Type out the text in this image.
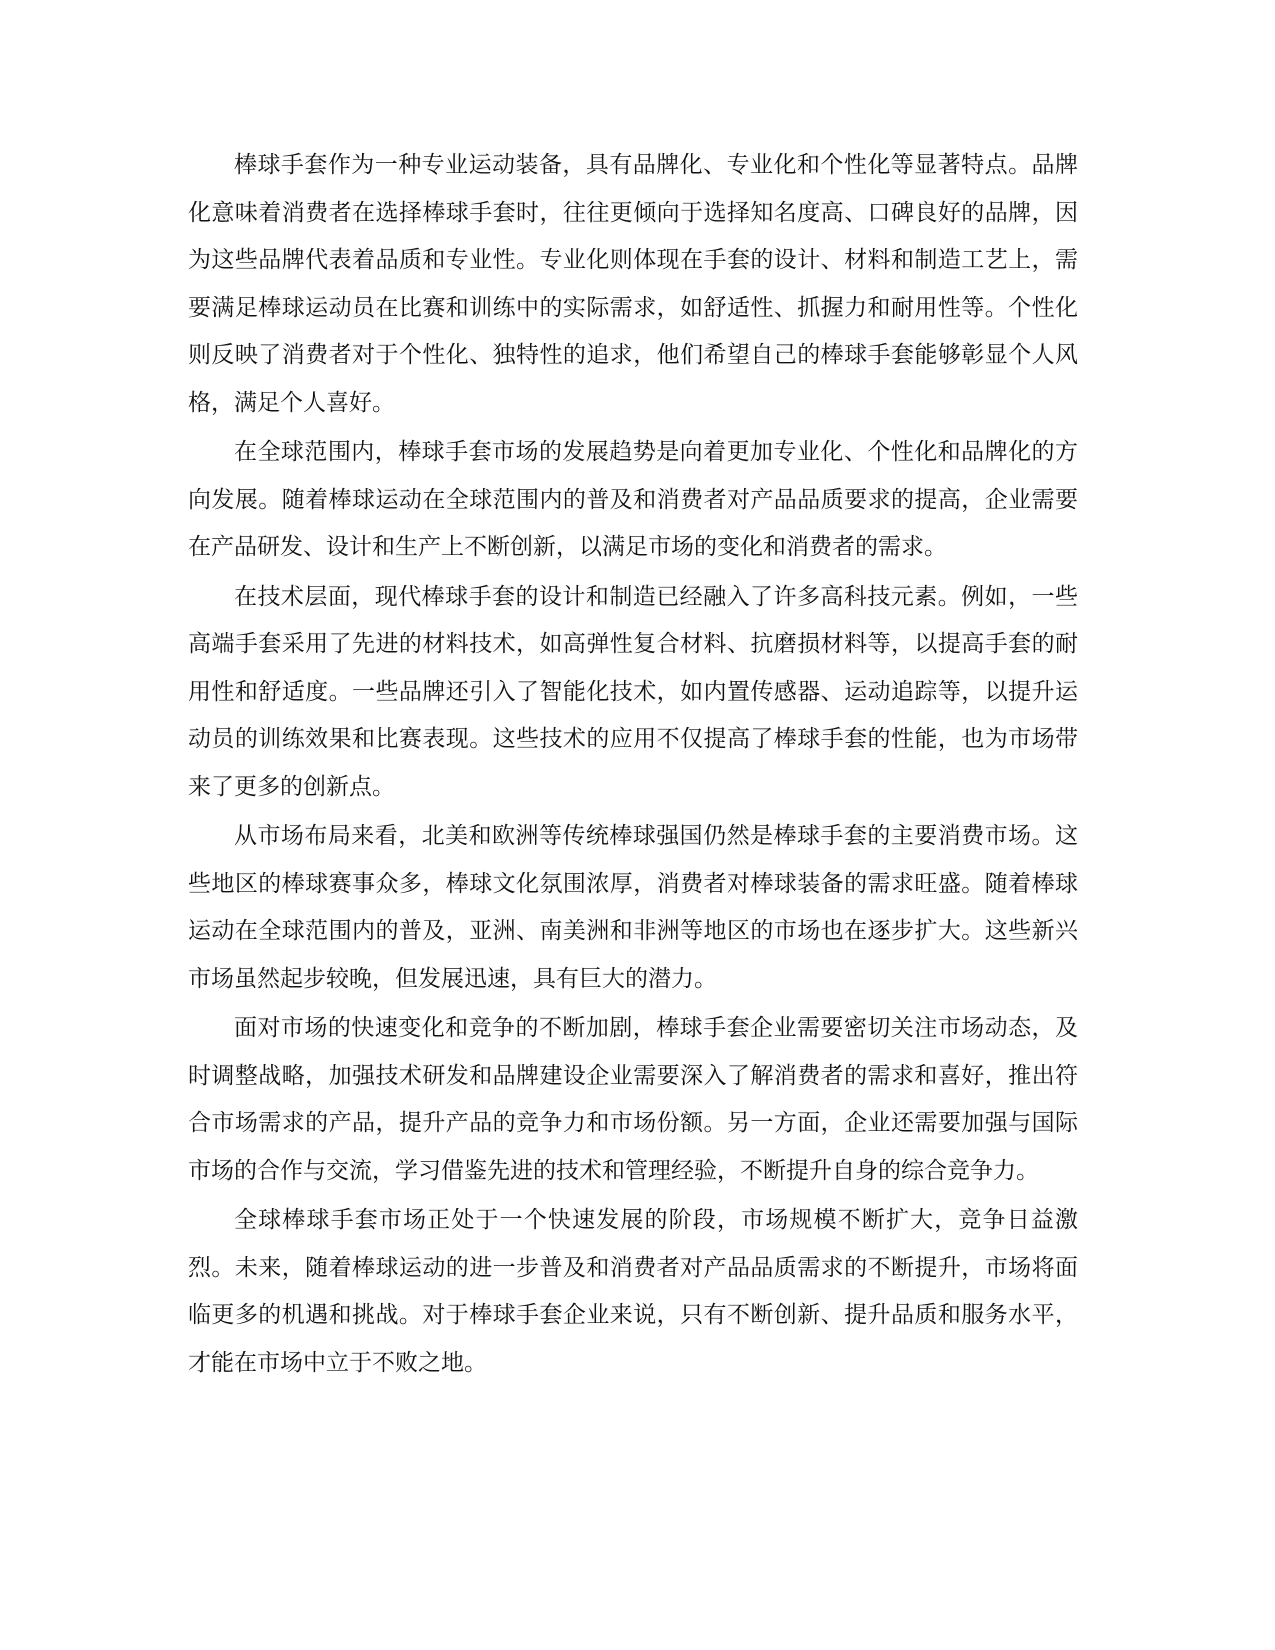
棒球手套作为一种专业运动装备，具有品牌化、专业化和个性化等显著特点。品牌化意味着消费者在选择棒球手套时，往往更倾向于选择知名度高、口碑良好的品牌，因为这些品牌代表着品质和专业性。专业化则体现在手套的设计、材料和制造工艺上，需要满足棒球运动员在比赛和训练中的实际需求，如舒适性、抓握力和耐用性等。个性化则反映了消费者对于个性化、独特性的追求，他们希望自己的棒球手套能够彰显个人风格，满足个人喜好。

在全球范围内，棒球手套市场的发展趋势是向着更加专业化、个性化和品牌化的方向发展。随着棒球运动在全球范围内的普及和消费者对产品品质要求的提高，企业需要在产品研发、设计和生产上不断创新，以满足市场的变化和消费者的需求。

在技术层面，现代棒球手套的设计和制造已经融入了许多高科技元素。例如，一些高端手套采用了先进的材料技术，如高弹性复合材料、抗磨损材料等，以提高手套的耐用性和舒适度。一些品牌还引入了智能化技术，如内置传感器、运动追踪等，以提升运动员的训练效果和比赛表现。这些技术的应用不仅提高了棒球手套的性能，也为市场带来了更多的创新点。

从市场布局来看，北美和欧洲等传统棒球强国仍然是棒球手套的主要消费市场。这些地区的棒球赛事众多，棒球文化氛围浓厚，消费者对棒球装备的需求旺盛。随着棒球运动在全球范围内的普及，亚洲、南美洲和非洲等地区的市场也在逐步扩大。这些新兴市场虽然起步较晚，但发展迅速，具有巨大的潜力。

面对市场的快速变化和竞争的不断加剧，棒球手套企业需要密切关注市场动态，及时调整战略，加强技术研发和品牌建设企业需要深入了解消费者的需求和喜好，推出符合市场需求的产品，提升产品的竞争力和市场份额。另一方面，企业还需要加强与国际市场的合作与交流，学习借鉴先进的技术和管理经验，不断提升自身的综合竞争力。

全球棒球手套市场正处于一个快速发展的阶段，市场规模不断扩大，竞争日益激烈。未来，随着棒球运动的进一步普及和消费者对产品品质需求的不断提升，市场将面临更多的机遇和挑战。对于棒球手套企业来说，只有不断创新、提升品质和服务水平，才能在市场中立于不败之地。
